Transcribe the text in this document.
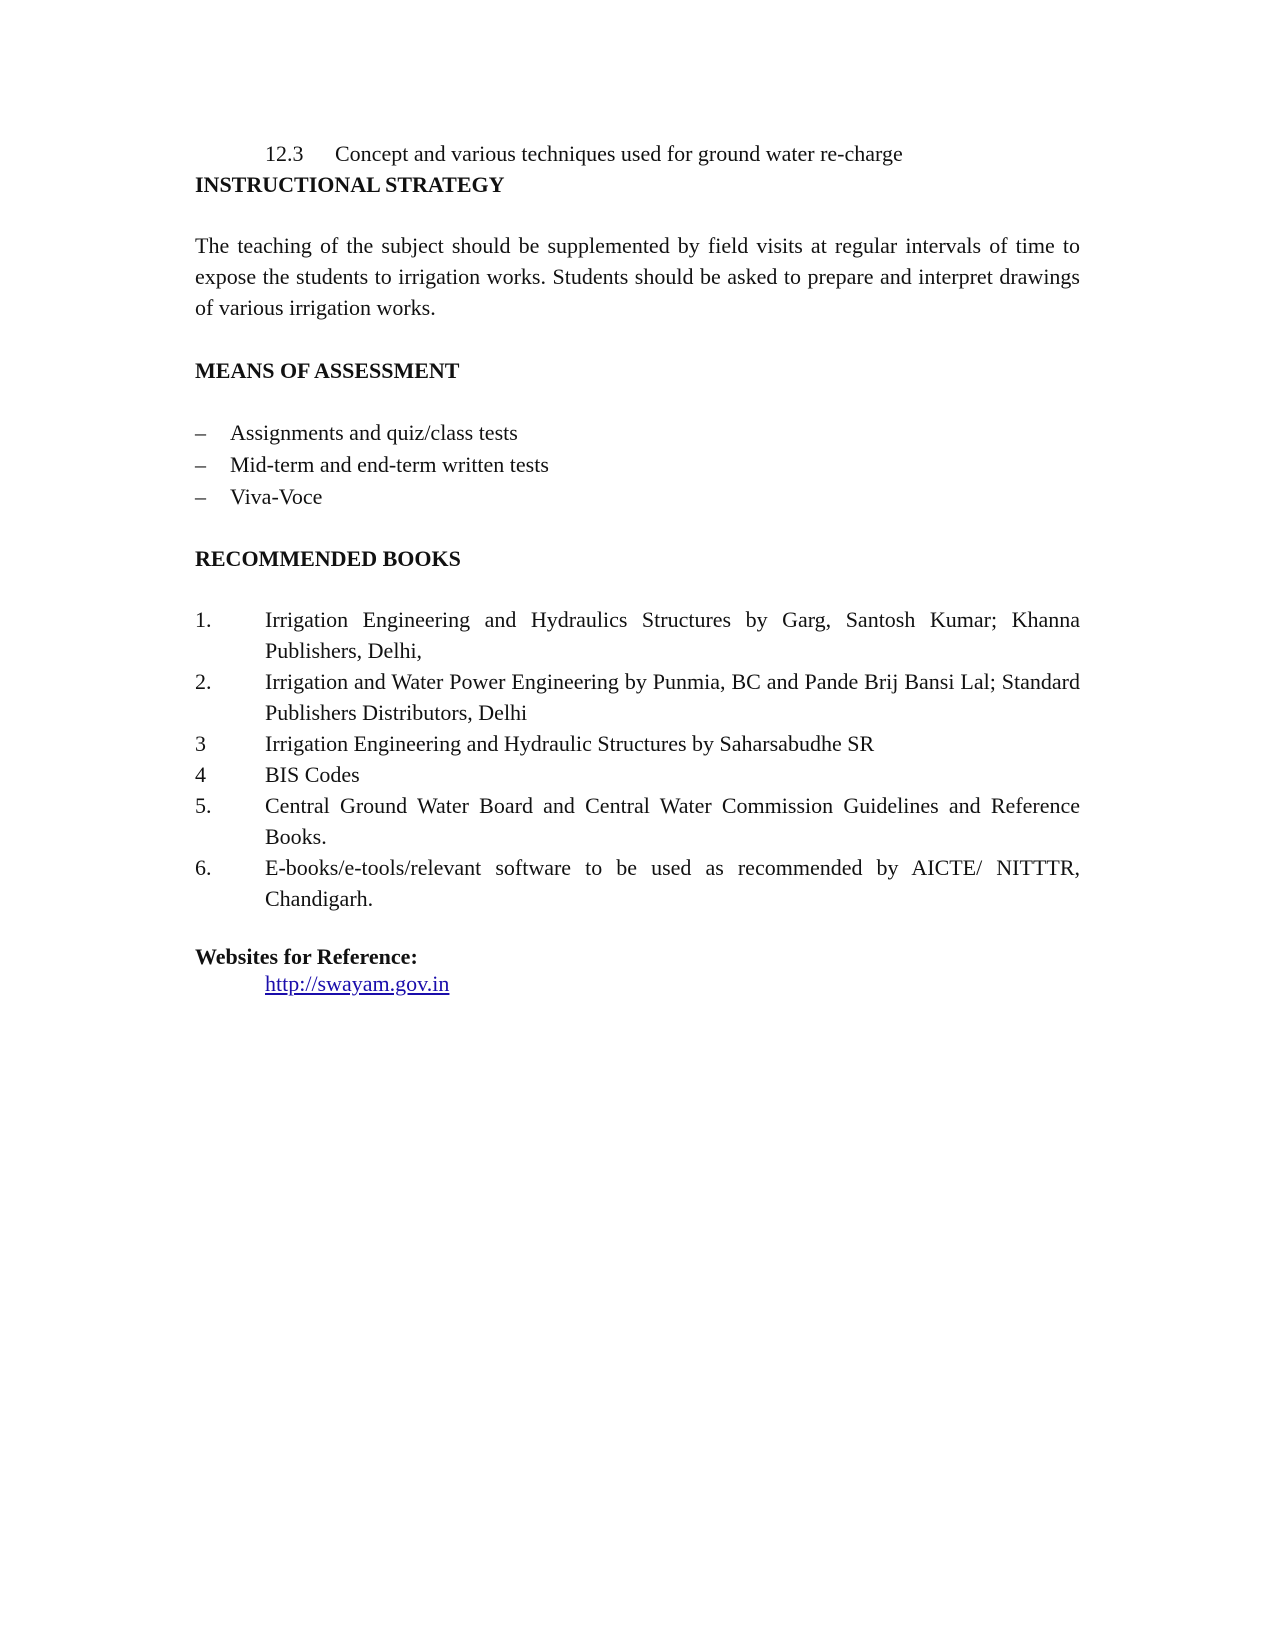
12.3	Concept and various techniques used for ground water re-charge
INSTRUCTIONAL STRATEGY
The teaching of the subject should be supplemented by field visits at regular intervals of time to expose the students to irrigation works. Students should be asked to prepare and interpret drawings of various irrigation works.
MEANS OF ASSESSMENT
–	Assignments and quiz/class tests
–	Mid-term and end-term written tests
–	Viva-Voce
RECOMMENDED BOOKS
1.	Irrigation Engineering and Hydraulics Structures by Garg, Santosh Kumar; Khanna Publishers, Delhi,
2.	Irrigation and Water Power Engineering by Punmia, BC and Pande Brij Bansi Lal; Standard Publishers Distributors, Delhi
3	Irrigation Engineering and Hydraulic Structures by Saharsabudhe SR
4	BIS Codes
5.	Central Ground Water Board and Central Water Commission Guidelines and Reference Books.
6.	E-books/e-tools/relevant software to be used as recommended by AICTE/ NITTTR, Chandigarh.
Websites for Reference:
http://swayam.gov.in
